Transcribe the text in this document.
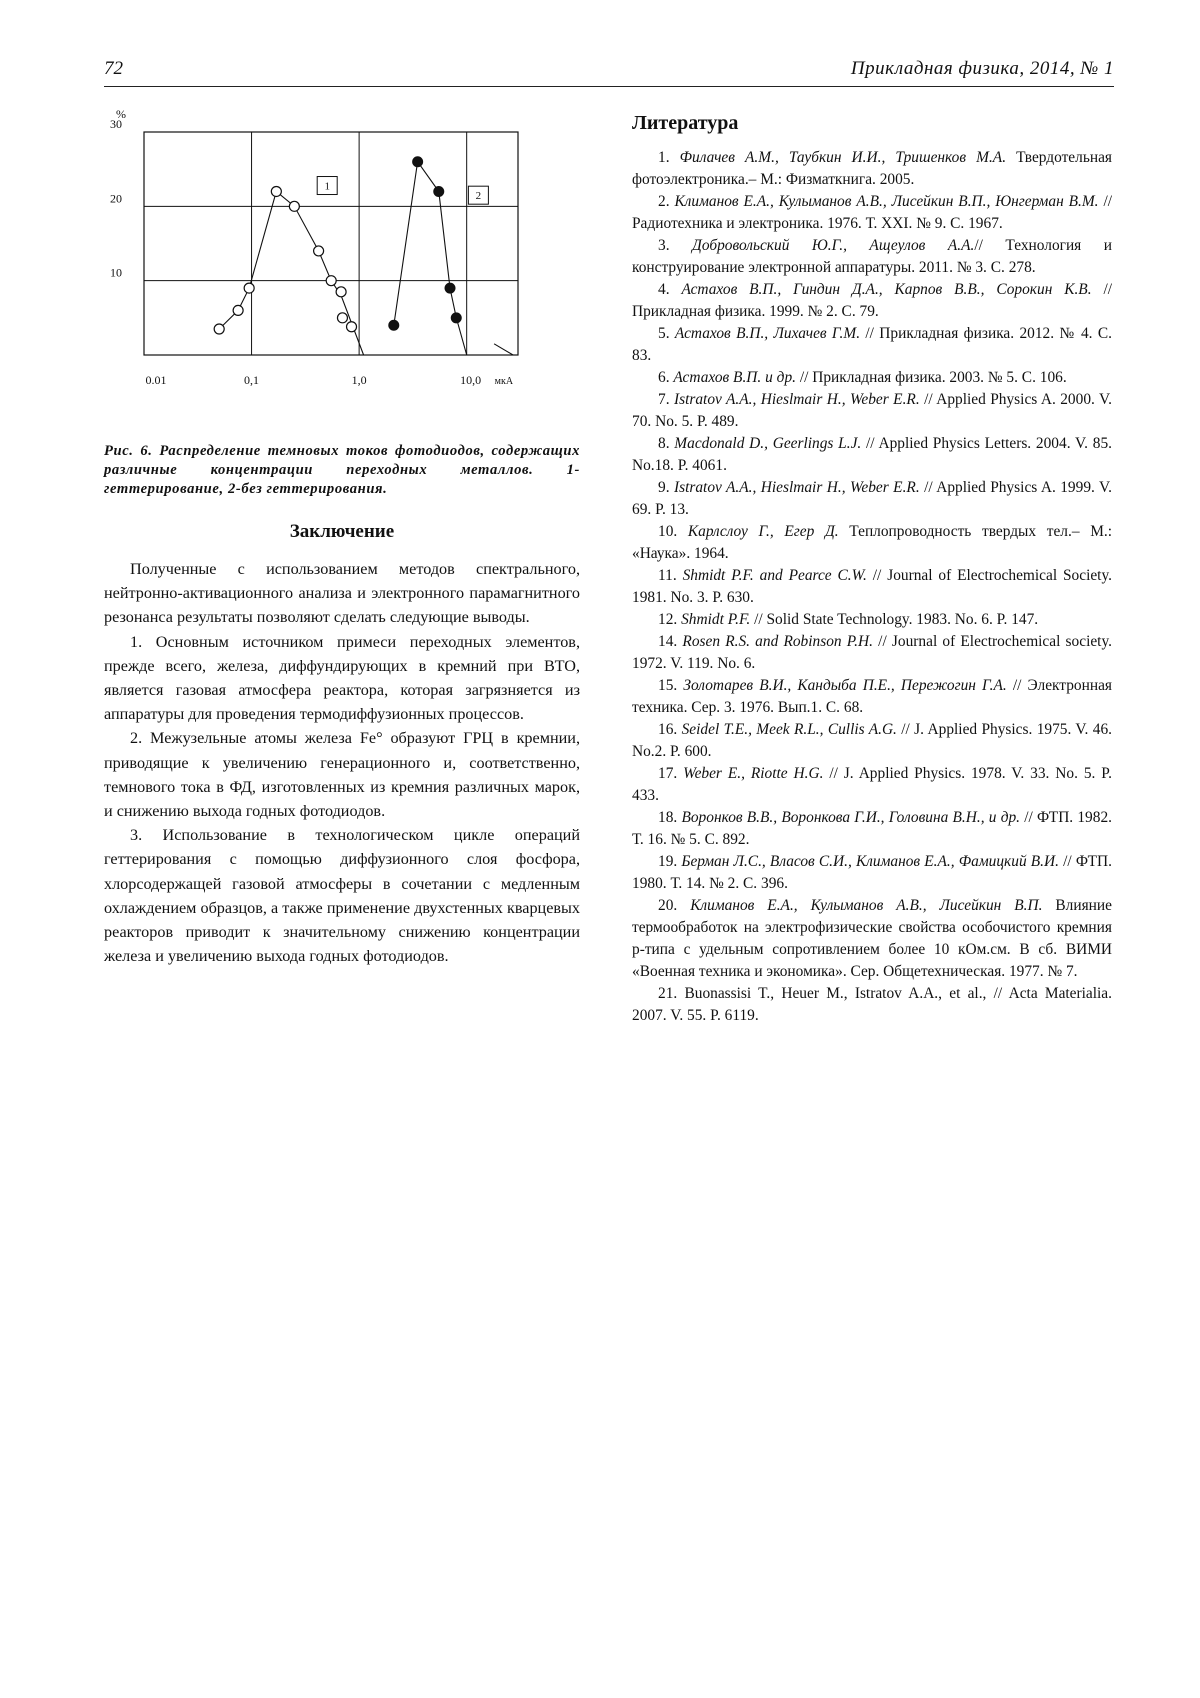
72	Прикладная физика, 2014, № 1
10
20
30
%
0.01	0,1	1,0	10,0 мкА
1
2
Рис. 6. Распределение темновых токов фотодиодов, содержащих различные концентрации переходных металлов. 1- геттерирование, 2-без геттерирования.
Заключение

Полученные с использованием методов спектрального, нейтронно-активационного анализа и электронного парамагнитного резонанса результаты позволяют сделать следующие выводы.

1. Основным источником примеси переходных элементов, прежде всего, железа, диффундирующих в кремний при ВТО, является газовая атмосфера реактора, которая загрязняется из аппаратуры для проведения термодиффузионных процессов.

2. Межузельные атомы железа Fe° образуют ГРЦ в кремнии, приводящие к увеличению генерационного и, соответственно, темнового тока в ФД, изготовленных из кремния различных марок, и снижению выхода годных фотодиодов.

3. Использование в технологическом цикле операций геттерирования с помощью диффузионного слоя фосфора, хлорсодержащей газовой атмосферы в сочетании с медленным охлаждением образцов, а также применение двухстенных кварцевых реакторов приводит к значительному снижению концентрации железа и увеличению выхода годных фотодиодов.

Литература

1. Филачев А.М., Таубкин И.И., Тришенков М.А. Твердотельная фотоэлектроника.– М.: Физматкнига. 2005.

2. Климанов Е.А., Кулыманов А.В., Лисейкин В.П., Юнгерман В.М. // Радиотехника и электроника. 1976. Т. XXI. № 9. С. 1967.

3. Добровольский Ю.Г., Ащеулов А.А.// Технология и конструирование электронной аппаратуры. 2011. № 3. С. 278.

4. Астахов В.П., Гиндин Д.А., Карпов В.В., Сорокин К.В. // Прикладная физика. 1999. № 2. С. 79.

5. Астахов В.П., Лихачев Г.М. // Прикладная физика. 2012. № 4. С. 83.

6. Астахов В.П. и др. // Прикладная физика. 2003. № 5. С. 106.

7. Istratov A.A., Hieslmair H., Weber E.R. // Applied Physics A. 2000. V. 70. No. 5. P. 489.

8. Macdonald D., Geerlings L.J. // Applied Physics Letters. 2004. V. 85. No.18. P. 4061.

9. Istratov A.A., Hieslmair H., Weber E.R. // Applied Physics A. 1999. V. 69. P. 13.

10. Карлслоу Г., Егер Д. Теплопроводность твердых тел.– М.: «Наука». 1964.

11. Shmidt P.F. and Pearce C.W. // Journal of Electrochemical Society. 1981. No. 3. P. 630.

12. Shmidt P.F. // Solid State Technology. 1983. No. 6. P. 147.

14. Rosen R.S. and Robinson P.H. // Journal of Electrochemical society. 1972. V. 119. No. 6.

15. Золотарев В.И., Кандыба П.Е., Пережогин Г.А. // Электронная техника. Сер. 3. 1976. Вып.1. С. 68.

16. Seidel T.E., Meek R.L., Cullis A.G. // J. Applied Physics. 1975. V. 46. No.2. P. 600.

17. Weber E., Riotte H.G. // J. Applied Physics. 1978. V. 33. No. 5. P. 433.

18. Воронков В.В., Воронкова Г.И., Головина В.Н., и др. // ФТП. 1982. Т. 16. № 5. С. 892.

19. Берман Л.С., Власов С.И., Климанов Е.А., Фамицкий В.И. // ФТП. 1980. Т. 14. № 2. С. 396.

20. Климанов Е.А., Кулыманов А.В., Лисейкин В.П. Влияние термообработок на электрофизические свойства особочистого кремния р-типа с удельным сопротивлением более 10 кОм.см. В сб. ВИМИ «Военная техника и экономика». Сер. Общетехническая. 1977. № 7.

21. Buonassisi T., Heuer M., Istratov A.A., et al., // Acta Materialia. 2007. V. 55. P. 6119.
